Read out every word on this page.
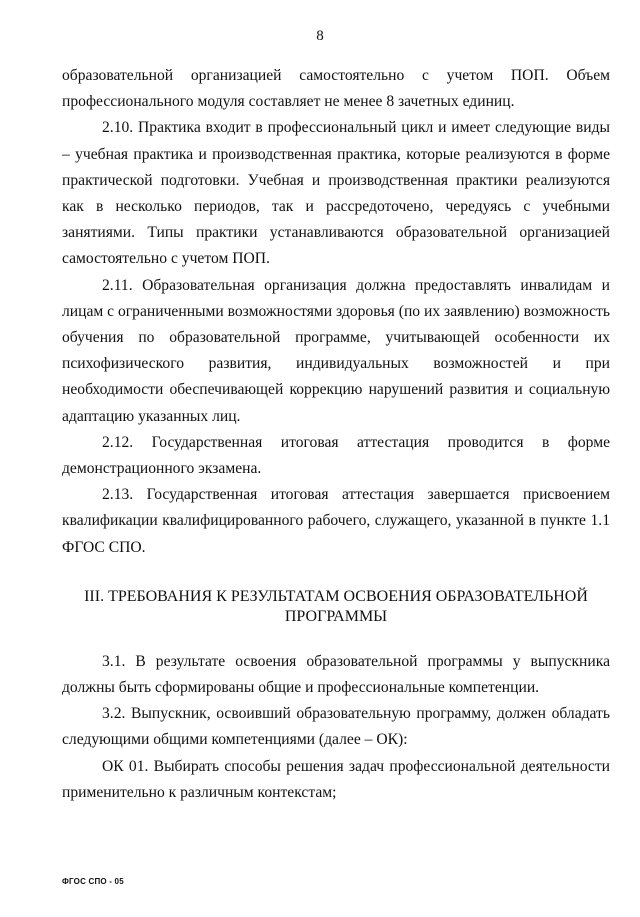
8

образовательной организацией самостоятельно с учетом ПОП. Объем профессионального модуля составляет не менее 8 зачетных единиц.

2.10. Практика входит в профессиональный цикл и имеет следующие виды – учебная практика и производственная практика, которые реализуются в форме практической подготовки. Учебная и производственная практики реализуются как в несколько периодов, так и рассредоточено, чередуясь с учебными занятиями. Типы практики устанавливаются образовательной организацией самостоятельно с учетом ПОП.

2.11. Образовательная организация должна предоставлять инвалидам и лицам с ограниченными возможностями здоровья (по их заявлению) возможность обучения по образовательной программе, учитывающей особенности их психофизического развития, индивидуальных возможностей и при необходимости обеспечивающей коррекцию нарушений развития и социальную адаптацию указанных лиц.

2.12. Государственная итоговая аттестация проводится в форме демонстрационного экзамена.

2.13. Государственная итоговая аттестация завершается присвоением квалификации квалифицированного рабочего, служащего, указанной в пункте 1.1 ФГОС СПО.

III. ТРЕБОВАНИЯ К РЕЗУЛЬТАТАМ ОСВОЕНИЯ ОБРАЗОВАТЕЛЬНОЙ
ПРОГРАММЫ

3.1. В результате освоения образовательной программы у выпускника должны быть сформированы общие и профессиональные компетенции.

3.2. Выпускник, освоивший образовательную программу, должен обладать следующими общими компетенциями (далее – ОК):

ОК 01. Выбирать способы решения задач профессиональной деятельности применительно к различным контекстам;

ФГОС СПО - 05
